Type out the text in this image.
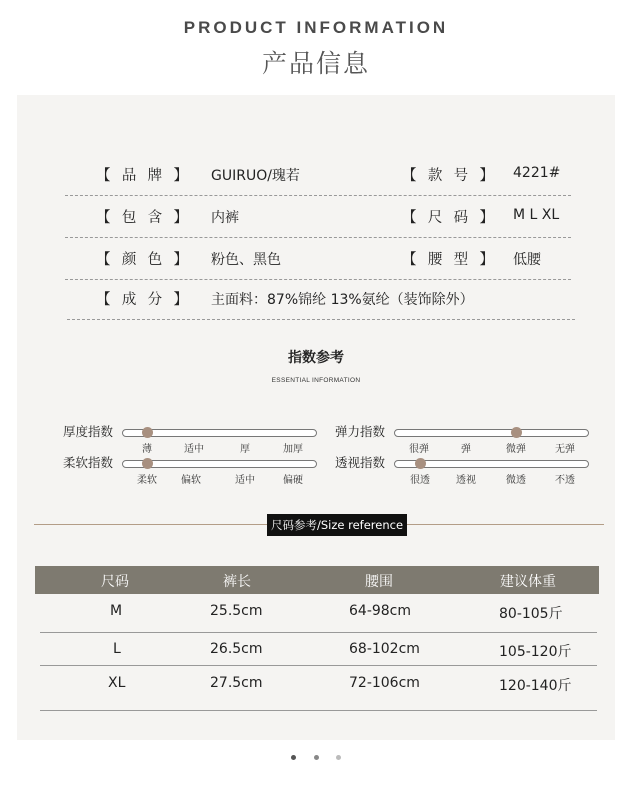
PRODUCT INFORMATION
产品信息
【 品 牌 】 GUIRUO/瑰若	【 款 号 】 4221#
【 包 含 】 内裤	【 尺 码 】 M L XL
【 颜 色 】 粉色、黑色	【 腰 型 】 低腰
【 成 分 】 主面料：87%锦纶 13%氨纶（装饰除外）
指数参考
ESSENTIAL INFORMATION
厚度指数
薄	适中	厚	加厚
柔软指数
柔软 偏软	适中	偏硬
弹力指数
很弹	弹	微弹	无弹
透视指数
很透	透视	微透	不透
尺码参考/Size reference
尺码	裤长	腰围	建议体重
M	25.5cm	64-98cm	80-105斤
L	26.5cm	68-102cm	105-120斤
XL	27.5cm	72-106cm	120-140斤
